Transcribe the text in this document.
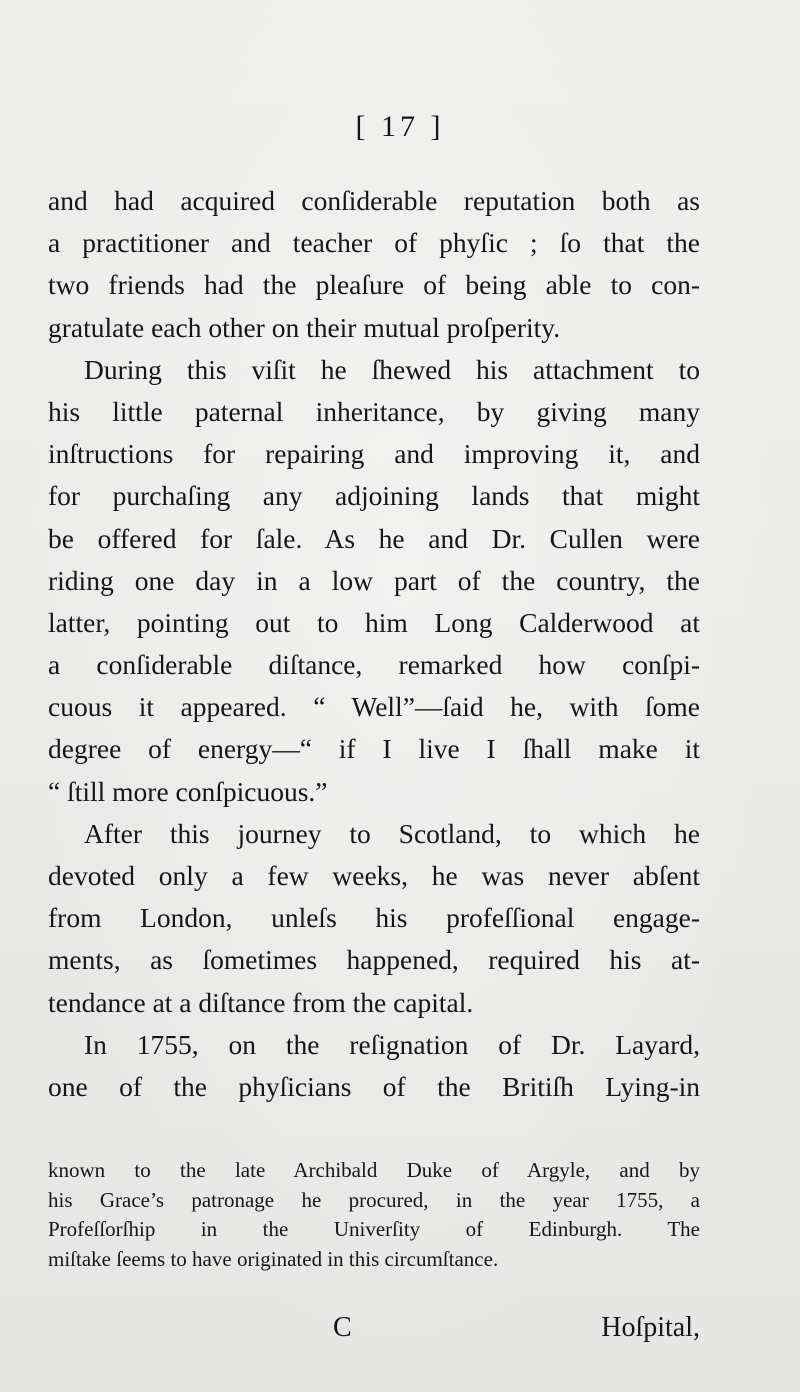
[ 17 ]
and had acquired conſiderable reputation both as
a practitioner and teacher of phyſic ; ſo that the
two friends had the pleaſure of being able to con-
gratulate each other on their mutual proſperity.
During this viſit he ſhewed his attachment to
his little paternal inheritance, by giving many
inſtructions for repairing and improving it, and
for purchaſing any adjoining lands that might
be offered for ſale. As he and Dr. Cullen were
riding one day in a low part of the country, the
latter, pointing out to him Long Calderwood at
a conſiderable diſtance, remarked how conſpi-
cuous it appeared. “ Well”—ſaid he, with ſome
degree of energy—“ if I live I ſhall make it
“ ſtill more conſpicuous.”
After this journey to Scotland, to which he
devoted only a few weeks, he was never abſent
from London, unleſs his profeſſional engage-
ments, as ſometimes happened, required his at-
tendance at a diſtance from the capital.
In 1755, on the reſignation of Dr. Layard,
one of the phyſicians of the Britiſh Lying-in
known to the late Archibald Duke of Argyle, and by
his Grace’s patronage he procured, in the year 1755, a
Profeſſorſhip in the Univerſity of Edinburgh. The
miſtake ſeems to have originated in this circumſtance.
C	Hoſpital,
